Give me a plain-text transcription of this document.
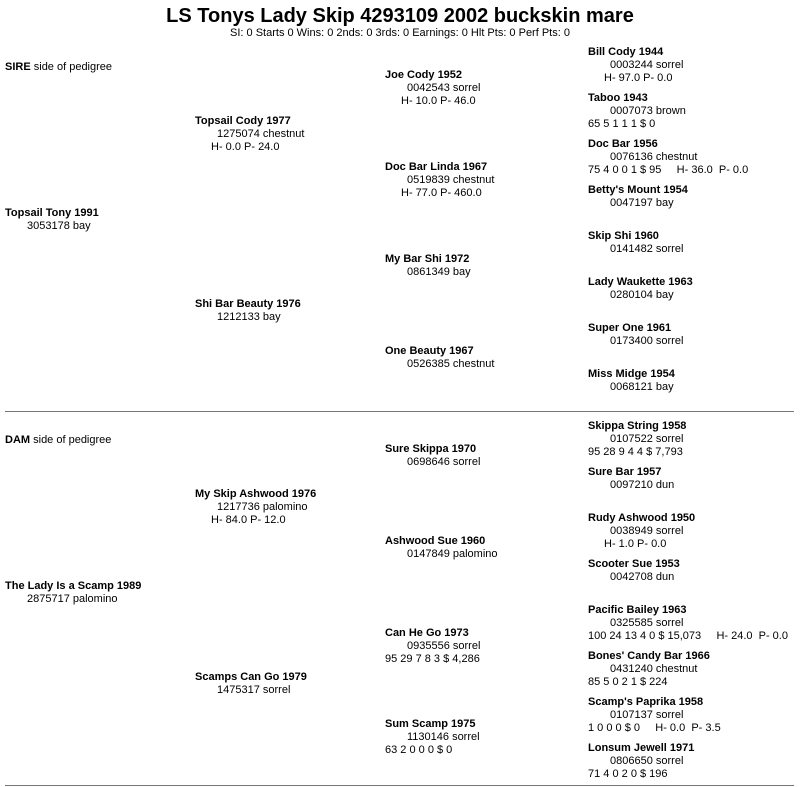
LS Tonys Lady Skip 4293109 2002 buckskin mare
SI: 0 Starts 0 Wins: 0 2nds: 0 3rds: 0 Earnings: 0 Hlt Pts: 0 Perf Pts: 0
SIRE side of pedigree
DAM side of pedigree
Topsail Tony 1991
3053178 bay
The Lady Is a Scamp 1989
2875717 palomino
Topsail Cody 1977
1275074 chestnut
H- 0.0 P- 24.0
Shi Bar Beauty 1976
1212133 bay
My Skip Ashwood 1976
1217736 palomino
H- 84.0 P- 12.0
Scamps Can Go 1979
1475317 sorrel
Joe Cody 1952
0042543 sorrel
H- 10.0 P- 46.0
Doc Bar Linda 1967
0519839 chestnut
H- 77.0 P- 460.0
My Bar Shi 1972
0861349 bay
One Beauty 1967
0526385 chestnut
Sure Skippa 1970
0698646 sorrel
Ashwood Sue 1960
0147849 palomino
Can He Go 1973
0935556 sorrel
95 29 7 8 3 $ 4,286
Sum Scamp 1975
1130146 sorrel
63 2 0 0 0 $ 0
Bill Cody 1944
0003244 sorrel
H- 97.0 P- 0.0
Taboo 1943
0007073 brown
65 5 1 1 1 $ 0
Doc Bar 1956
0076136 chestnut
75 4 0 0 1 $ 95     H- 36.0  P- 0.0
Betty's Mount 1954
0047197 bay
Skip Shi 1960
0141482 sorrel
Lady Waukette 1963
0280104 bay
Super One 1961
0173400 sorrel
Miss Midge 1954
0068121 bay
Skippa String 1958
0107522 sorrel
95 28 9 4 4 $ 7,793
Sure Bar 1957
0097210 dun
Rudy Ashwood 1950
0038949 sorrel
H- 1.0 P- 0.0
Scooter Sue 1953
0042708 dun
Pacific Bailey 1963
0325585 sorrel
100 24 13 4 0 $ 15,073     H- 24.0  P- 0.0
Bones' Candy Bar 1966
0431240 chestnut
85 5 0 2 1 $ 224
Scamp's Paprika 1958
0107137 sorrel
1 0 0 0 $ 0     H- 0.0  P- 3.5
Lonsum Jewell 1971
0806650 sorrel
71 4 0 2 0 $ 196
